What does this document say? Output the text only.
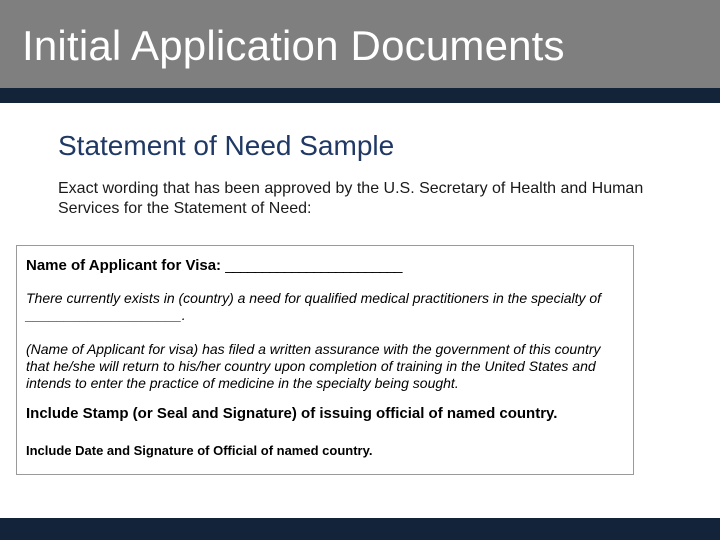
Initial Application Documents
Statement of Need Sample
Exact wording that has been approved by the U.S. Secretary of Health and Human Services for the Statement of Need:

Name of Applicant for Visa: ________________________

There currently exists in (country) a need for qualified medical practitioners in the specialty of ____________________.

(Name of Applicant for visa) has filed a written assurance with the government of this country that he/she will return to his/her country upon completion of training in the United States and intends to enter the practice of medicine in the specialty being sought.

Include Stamp (or Seal and Signature) of issuing official of named country.

Include Date and Signature of Official of named country.
